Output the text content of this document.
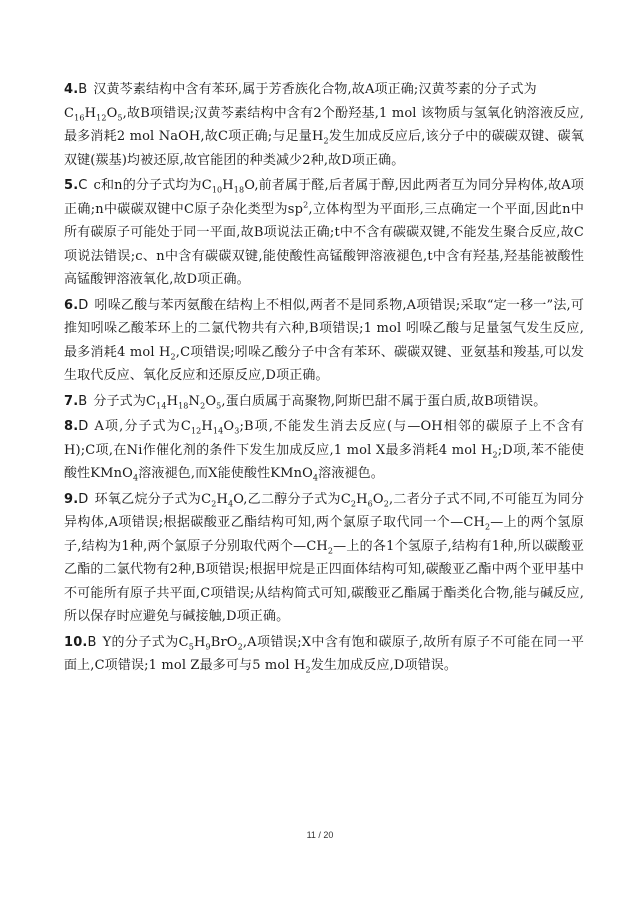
4.B 汉黄芩素结构中含有苯环,属于芳香族化合物,故A项正确;汉黄芩素的分子式为
$C_{16}H_{12}O_5$,故B项错误;汉黄芩素结构中含有2个酚羟基,1 mol 该物质与氢氧化钠溶液反应,最多消耗2 mol NaOH,故C项正确;与足量$H_2$发生加成反应后,该分子中的碳碳双键、碳氧双键(羰基)均被还原,故官能团的种类减少2种,故D项正确。
5.C c和n的分子式均为$C_{10}H_{18}O$,前者属于醛,后者属于醇,因此两者互为同分异构体,故A项正确;n中碳碳双键中C原子杂化类型为$sp^2$,立体构型为平面形,三点确定一个平面,因此n中所有碳原子可能处于同一平面,故B项说法正确;t中不含有碳碳双键,不能发生聚合反应,故C项说法错误;c、n中含有碳碳双键,能使酸性高锰酸钾溶液褪色,t中含有羟基,羟基能被酸性高锰酸钾溶液氧化,故D项正确。
6.D 吲哚乙酸与苯丙氨酸在结构上不相似,两者不是同系物,A项错误;采取“定一移一”法,可推知吲哚乙酸苯环上的二氯代物共有六种,B项错误;1 mol 吲哚乙酸与足量氢气发生反应,最多消耗4 mol $H_2,C$项错误;吲哚乙酸分子中含有苯环、碳碳双键、亚氨基和羧基,可以发生取代反应、氧化反应和还原反应,D项正确。
7.B 分子式为$C_{14}H_{18}N_2O_5$,蛋白质属于高聚物,阿斯巴甜不属于蛋白质,故B项错误。
8.D A项,分子式为$C_{12}H_{14}O_3;B$项,不能发生消去反应(与—OH相邻的碳原子上不含有H);C项,在Ni作催化剂的条件下发生加成反应,1 mol X最多消耗4 mol $H_2;D$项,苯不能使酸性KMnO$_4$溶液褪色,而X能使酸性KMnO$_4$溶液褪色。
9.D 环氧乙烷分子式为$C_2H_4O$,乙二醇分子式为$C_2H_6O_2$,二者分子式不同,不可能互为同分异构体,A项错误;根据碳酸亚乙酯结构可知,两个氯原子取代同一个$—CH_2—$上的两个氢原子,结构为1种,两个氯原子分别取代两个$—CH_2—$上的各1个氢原子,结构有1种,所以碳酸亚乙酯的二氯代物有2种,B项错误;根据甲烷是正四面体结构可知,碳酸亚乙酯中两个亚甲基中不可能所有原子共平面,C项错误;从结构简式可知,碳酸亚乙酯属于酯类化合物,能与碱反应,所以保存时应避免与碱接触,D项正确。
10.B Y的分子式为$C_5H_9BrO_2,A$项错误;X中含有饱和碳原子,故所有原子不可能在同一平面上,C项错误;1 mol Z最多可与5 mol $H_2$发生加成反应,D项错误。
11 / 20
